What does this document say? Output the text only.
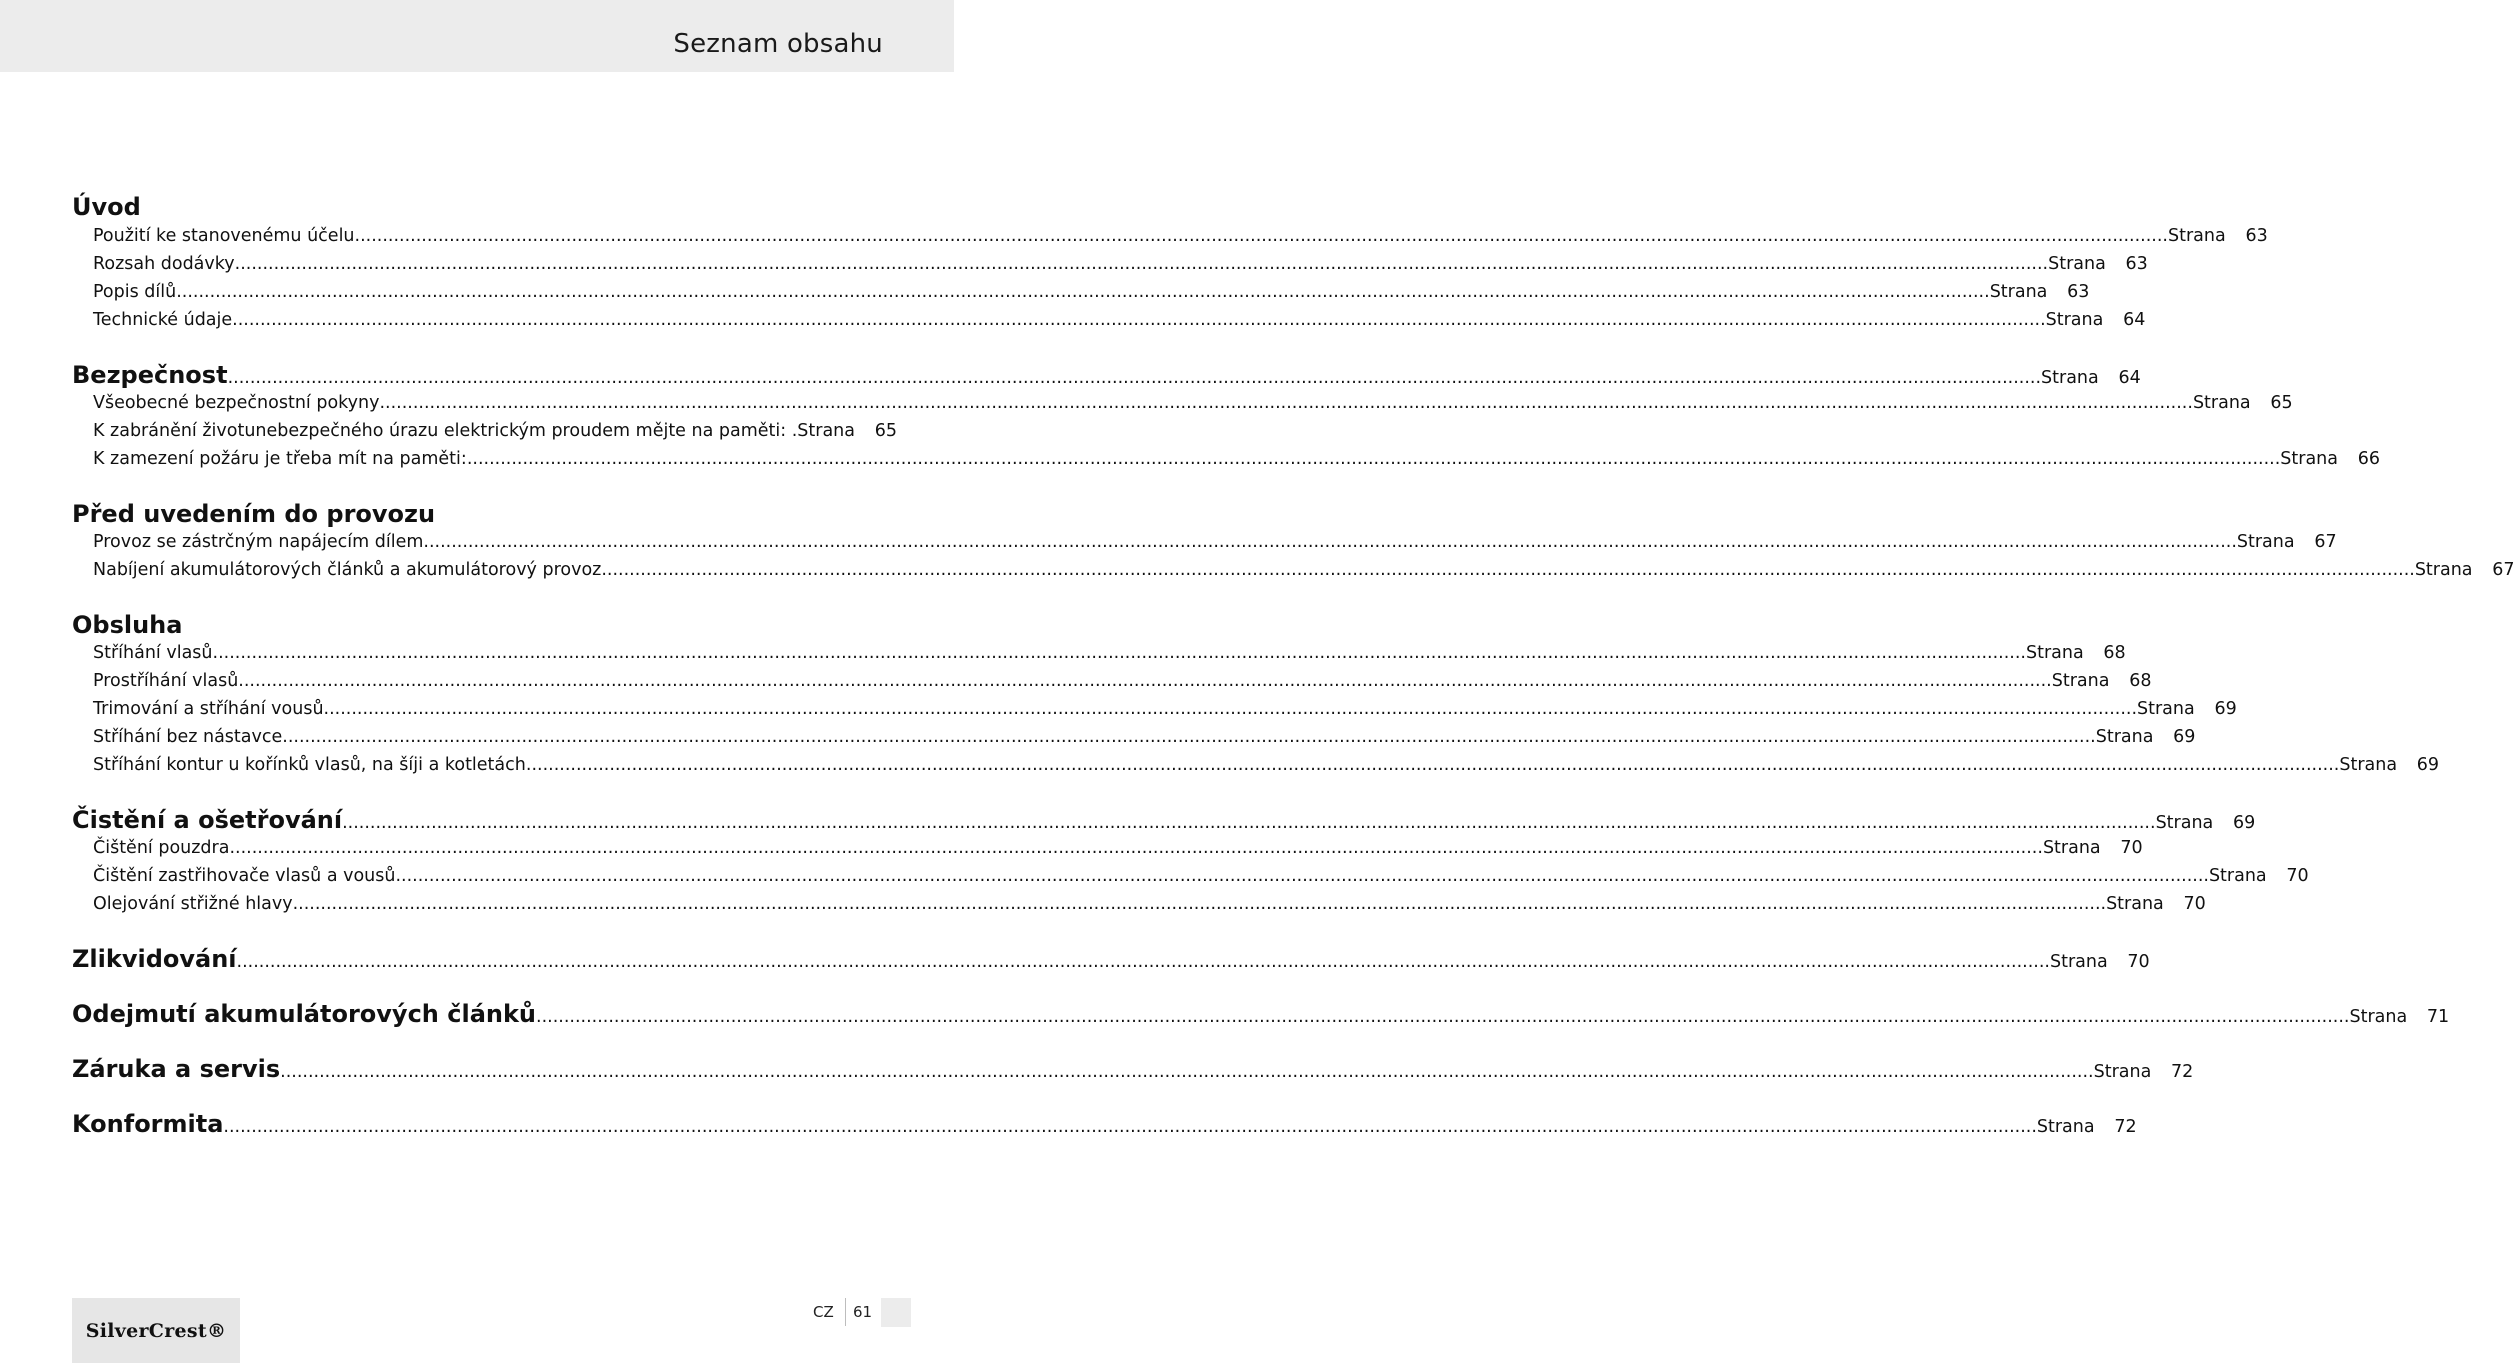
Seznam obsahu
Úvod
Použití ke stanovenému účelu .....	Strana	63
Rozsah dodávky .....	Strana	63
Popis dílů .....	Strana	63
Technické údaje .....	Strana	64
Bezpečnost .....	Strana	64
Všeobecné bezpečnostní pokyny .....	Strana	65
K zabránění životunebezpečného úrazu elektrickým proudem mějte na paměti: . Strana	65
K zamezení požáru je třeba mít na paměti: .....	Strana	66
Před uvedením do provozu
Provoz se zástrčným napájecím dílem .....	Strana	67
Nabíjení akumulátorových článků a akumulátorový provoz .....	Strana	67
Obsluha
Stříhání vlasů .....	Strana	68
Prostříhání vlasů .....	Strana	68
Trimování a stříhání vousů .....	Strana	69
Stříhání bez nástavce .....	Strana	69
Stříhání kontur u kořínků vlasů, na šíji a kotletách .....	Strana	69
Čistění a ošetřování .....	Strana	69
Čištění pouzdra .....	Strana	70
Čištění zastřihovače vlasů a vousů .....	Strana	70
Olejování střižné hlavy .....	Strana	70
Zlikvidování .....	Strana	70
Odejmutí akumulátorových článků .....	Strana	71
Záruka a servis .....	Strana	72
Konformita .....	Strana	72
SilverCrest®
CZ 61
